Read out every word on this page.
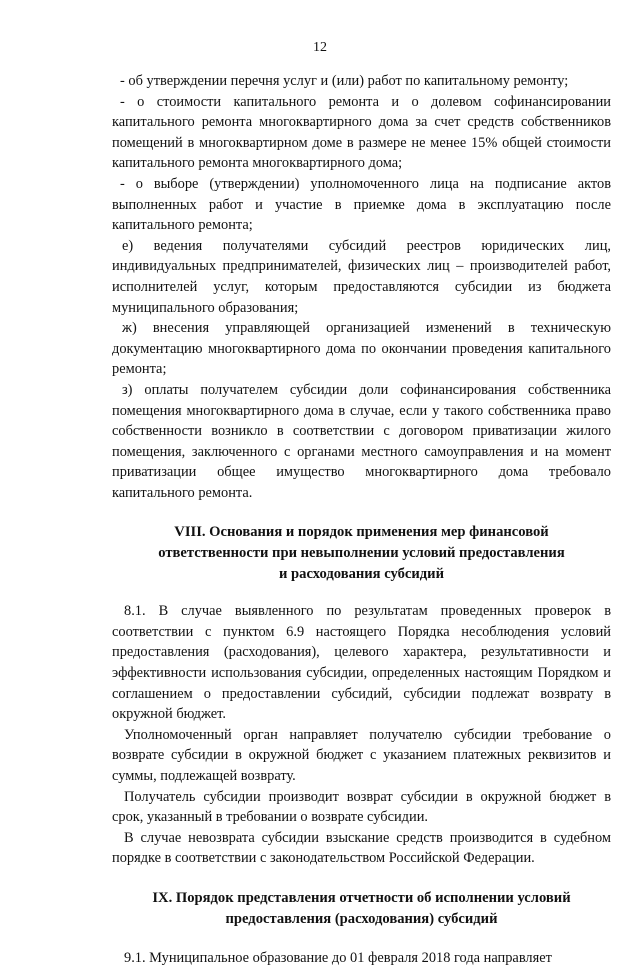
12

- об утверждении перечня услуг и (или) работ по капитальному ремонту;

- о стоимости капитального ремонта и о долевом софинансировании капитального ремонта многоквартирного дома за счет средств собственников помещений в многоквартирном доме в размере не менее 15% общей стоимости капитального ремонта многоквартирного дома;

- о выборе (утверждении) уполномоченного лица на подписание актов выполненных работ и участие в приемке дома в эксплуатацию после капитального ремонта;

е) ведения получателями субсидий реестров юридических лиц, индивидуальных предпринимателей, физических лиц – производителей работ, исполнителей услуг, которым предоставляются субсидии из бюджета муниципального образования;

ж) внесения управляющей организацией изменений в техническую документацию многоквартирного дома по окончании проведения капитального ремонта;

з) оплаты получателем субсидии доли софинансирования собственника помещения многоквартирного дома в случае, если у такого собственника право собственности возникло в соответствии с договором приватизации жилого помещения, заключенного с органами местного самоуправления и на момент приватизации общее имущество многоквартирного дома требовало капитального ремонта.

VIII. Основания и порядок применения мер финансовой
ответственности при невыполнении условий предоставления
и расходования субсидий

8.1. В случае выявленного по результатам проведенных проверок в соответствии с пунктом 6.9 настоящего Порядка несоблюдения условий предоставления (расходования), целевого характера, результативности и эффективности использования субсидии, определенных настоящим Порядком и соглашением о предоставлении субсидий, субсидии подлежат возврату в окружной бюджет.

Уполномоченный орган направляет получателю субсидии требование о возврате субсидии в окружной бюджет с указанием платежных реквизитов и суммы, подлежащей возврату.

Получатель субсидии производит возврат субсидии в окружной бюджет в срок, указанный в требовании о возврате субсидии.

В случае невозврата субсидии взыскание средств производится в судебном порядке в соответствии с законодательством Российской Федерации.

IX. Порядок представления отчетности об исполнении условий
предоставления (расходования) субсидий

9.1. Муниципальное образование до 01 февраля 2018 года направляет
